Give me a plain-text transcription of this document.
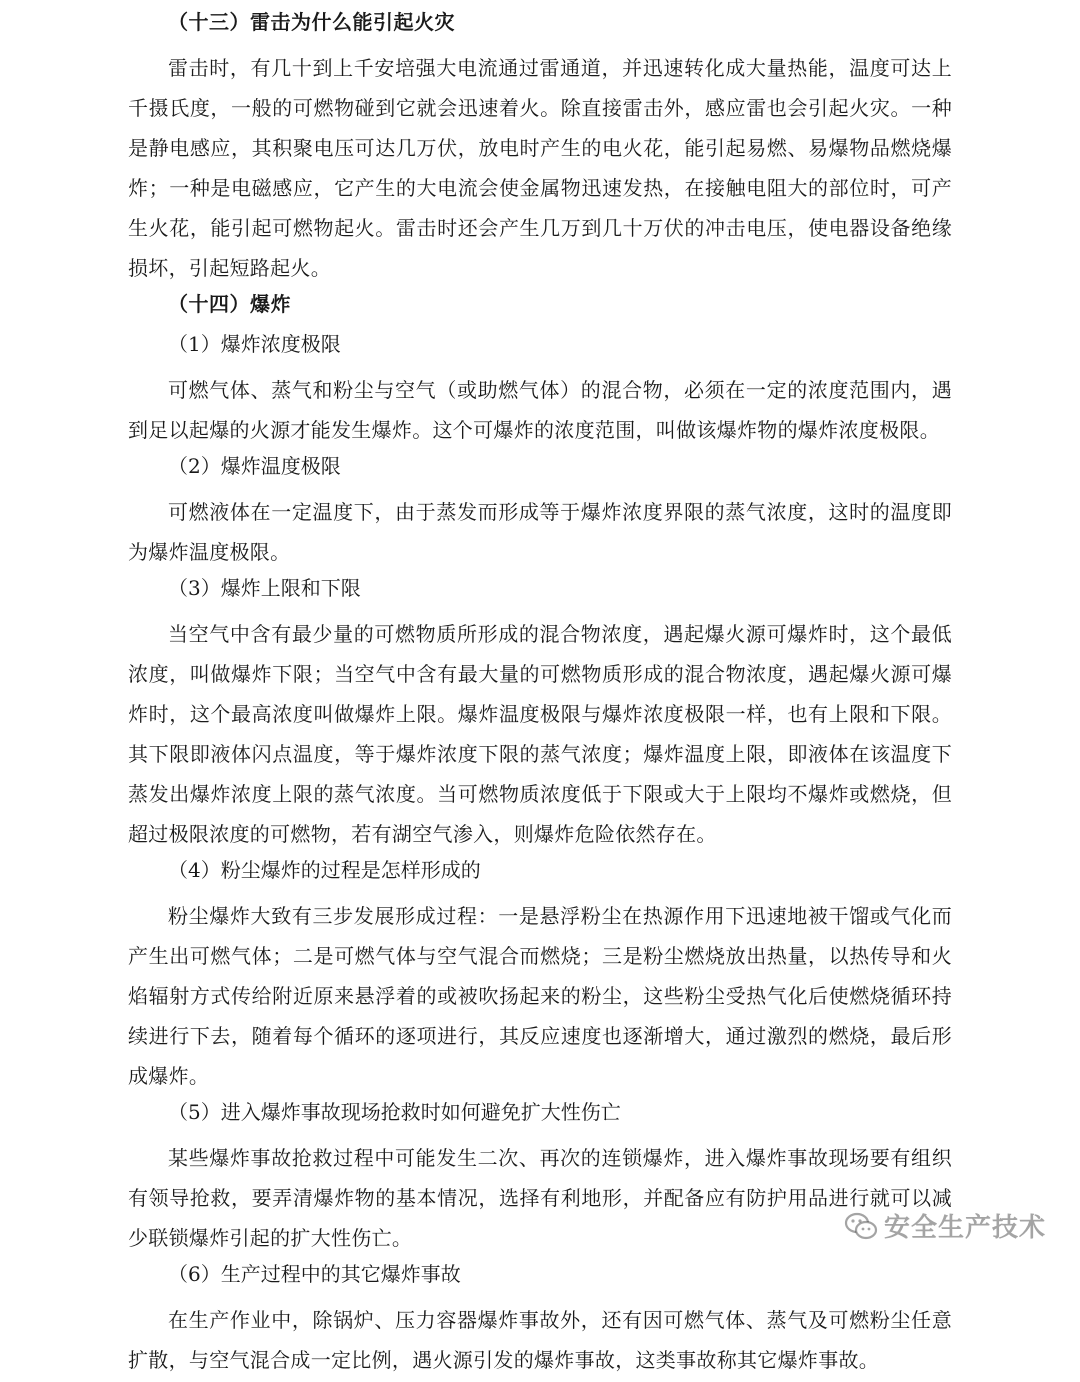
（十三）雷击为什么能引起火灾

雷击时，有几十到上千安培强大电流通过雷通道，并迅速转化成大量热能，温度可达上千摄氏度，一般的可燃物碰到它就会迅速着火。除直接雷击外，感应雷也会引起火灾。一种是静电感应，其积聚电压可达几万伏，放电时产生的电火花，能引起易燃、易爆物品燃烧爆炸；一种是电磁感应，它产生的大电流会使金属物迅速发热，在接触电阻大的部位时，可产生火花，能引起可燃物起火。雷击时还会产生几万到几十万伏的冲击电压，使电器设备绝缘损坏，引起短路起火。

（十四）爆炸
（1）爆炸浓度极限

可燃气体、蒸气和粉尘与空气（或助燃气体）的混合物，必须在一定的浓度范围内，遇到足以起爆的火源才能发生爆炸。这个可爆炸的浓度范围，叫做该爆炸物的爆炸浓度极限。

（2）爆炸温度极限

可燃液体在一定温度下，由于蒸发而形成等于爆炸浓度界限的蒸气浓度，这时的温度即为爆炸温度极限。

（3）爆炸上限和下限

当空气中含有最少量的可燃物质所形成的混合物浓度，遇起爆火源可爆炸时，这个最低浓度，叫做爆炸下限；当空气中含有最大量的可燃物质形成的混合物浓度，遇起爆火源可爆炸时，这个最高浓度叫做爆炸上限。爆炸温度极限与爆炸浓度极限一样，也有上限和下限。其下限即液体闪点温度，等于爆炸浓度下限的蒸气浓度；爆炸温度上限，即液体在该温度下蒸发出爆炸浓度上限的蒸气浓度。当可燃物质浓度低于下限或大于上限均不爆炸或燃烧，但超过极限浓度的可燃物，若有湖空气渗入，则爆炸危险依然存在。

（4）粉尘爆炸的过程是怎样形成的

粉尘爆炸大致有三步发展形成过程：一是悬浮粉尘在热源作用下迅速地被干馏或气化而产生出可燃气体；二是可燃气体与空气混合而燃烧；三是粉尘燃烧放出热量，以热传导和火焰辐射方式传给附近原来悬浮着的或被吹扬起来的粉尘，这些粉尘受热气化后使燃烧循环持续进行下去，随着每个循环的逐项进行，其反应速度也逐渐增大，通过激烈的燃烧，最后形成爆炸。

（5）进入爆炸事故现场抢救时如何避免扩大性伤亡

某些爆炸事故抢救过程中可能发生二次、再次的连锁爆炸，进入爆炸事故现场要有组织有领导抢救，要弄清爆炸物的基本情况，选择有利地形，并配备应有防护用品进行就可以减少联锁爆炸引起的扩大性伤亡。

（6）生产过程中的其它爆炸事故

在生产作业中，除锅炉、压力容器爆炸事故外，还有因可燃气体、蒸气及可燃粉尘任意扩散，与空气混合成一定比例，遇火源引发的爆炸事故，这类事故称其它爆炸事故。

安全生产技术
